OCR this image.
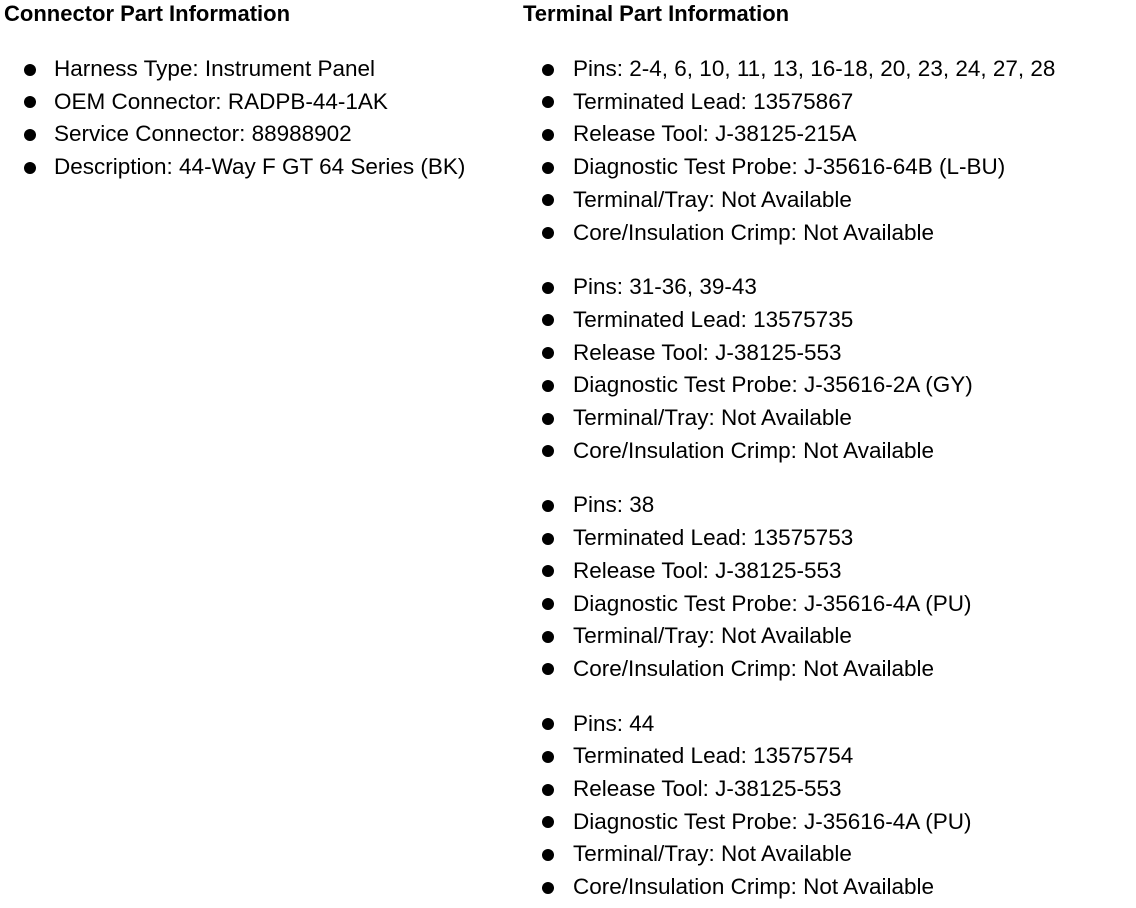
Connector Part Information
Harness Type: Instrument Panel
OEM Connector: RADPB-44-1AK
Service Connector: 88988902
Description: 44-Way F GT 64 Series (BK)
Terminal Part Information
Pins: 2-4, 6, 10, 11, 13, 16-18, 20, 23, 24, 27, 28
Terminated Lead: 13575867
Release Tool: J-38125-215A
Diagnostic Test Probe: J-35616-64B (L-BU)
Terminal/Tray: Not Available
Core/Insulation Crimp: Not Available
Pins: 31-36, 39-43
Terminated Lead: 13575735
Release Tool: J-38125-553
Diagnostic Test Probe: J-35616-2A (GY)
Terminal/Tray: Not Available
Core/Insulation Crimp: Not Available
Pins: 38
Terminated Lead: 13575753
Release Tool: J-38125-553
Diagnostic Test Probe: J-35616-4A (PU)
Terminal/Tray: Not Available
Core/Insulation Crimp: Not Available
Pins: 44
Terminated Lead: 13575754
Release Tool: J-38125-553
Diagnostic Test Probe: J-35616-4A (PU)
Terminal/Tray: Not Available
Core/Insulation Crimp: Not Available
